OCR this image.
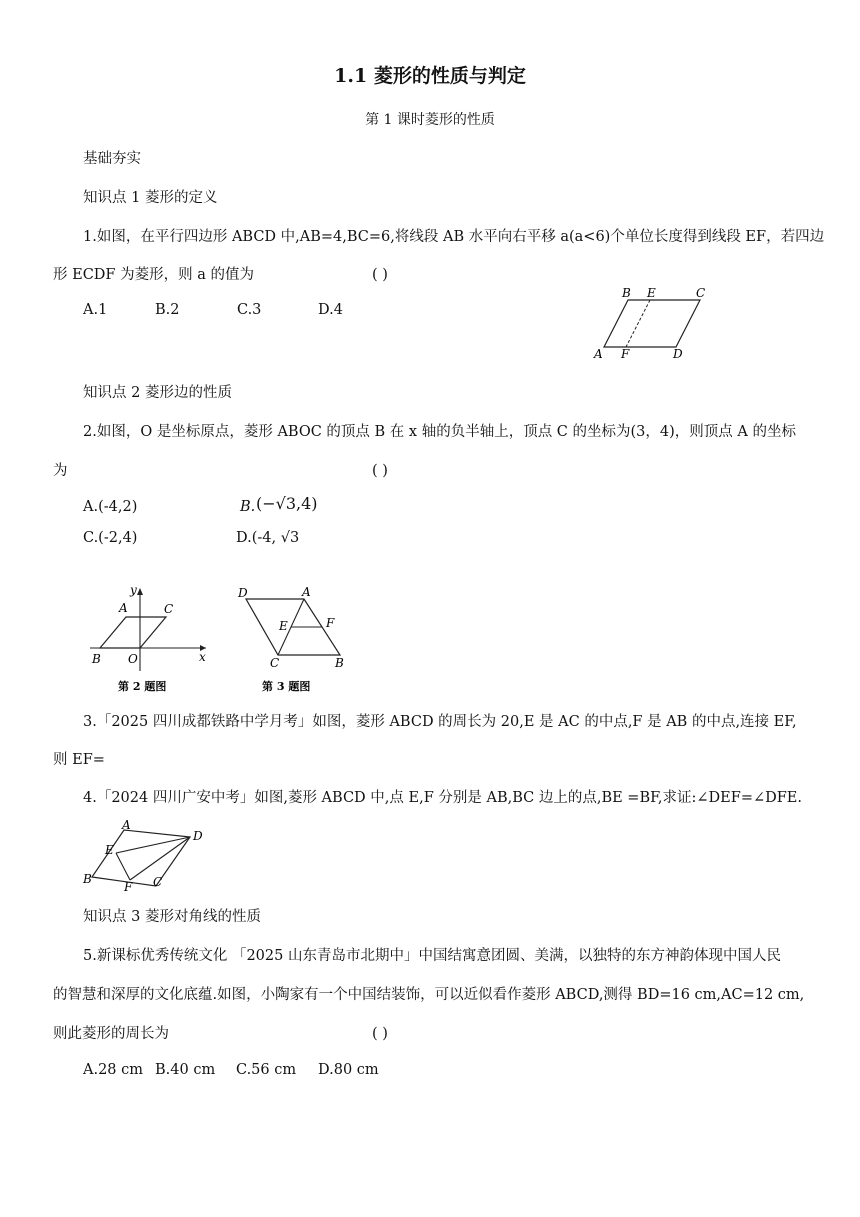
1.1 菱形的性质与判定
第 1 课时菱形的性质
基础夯实
知识点 1 菱形的定义
1.如图，在平行四边形 ABCD 中,AB=4,BC=6,将线段 AB 水平向右平移 a(a<6)个单位长度得到线段 EF，若四边
形 ECDF 为菱形，则 a 的值为	( )
A.1	B.2	C.3	D.4
B E	C
A F	D
知识点 2 菱形边的性质
2.如图，O 是坐标原点，菱形 ABOC 的顶点 B 在 x 轴的负半轴上，顶点 C 的坐标为(3，4)，则顶点 A 的坐标
为	( )
A.(-4,2)	B. (−√3,4)
C.(-2,4)	D.(-4, √3
y
A	C
B O	x
第 2 题图
D	A
E	F
C	B
第 3 题图
3.「2025 四川成都铁路中学月考」如图，菱形 ABCD 的周长为 20,E 是 AC 的中点,F 是 AB 的中点,连接 EF,
则 EF=
4.「2024 四川广安中考」如图,菱形 ABCD 中,点 E,F 分别是 AB,BC 边上的点,BE =BF,求证:∠DEF=∠DFE.
A
D
E
B
F C
知识点 3 菱形对角线的性质
5.新课标优秀传统文化 「2025 山东青岛市北期中」中国结寓意团圆、美满，以独特的东方神韵体现中国人民
的智慧和深厚的文化底蕴.如图，小陶家有一个中国结装饰，可以近似看作菱形 ABCD,测得 BD=16 cm,AC=12 cm,
则此菱形的周长为	( )
A.28 cm B.40 cm C.56 cm D.80 cm
